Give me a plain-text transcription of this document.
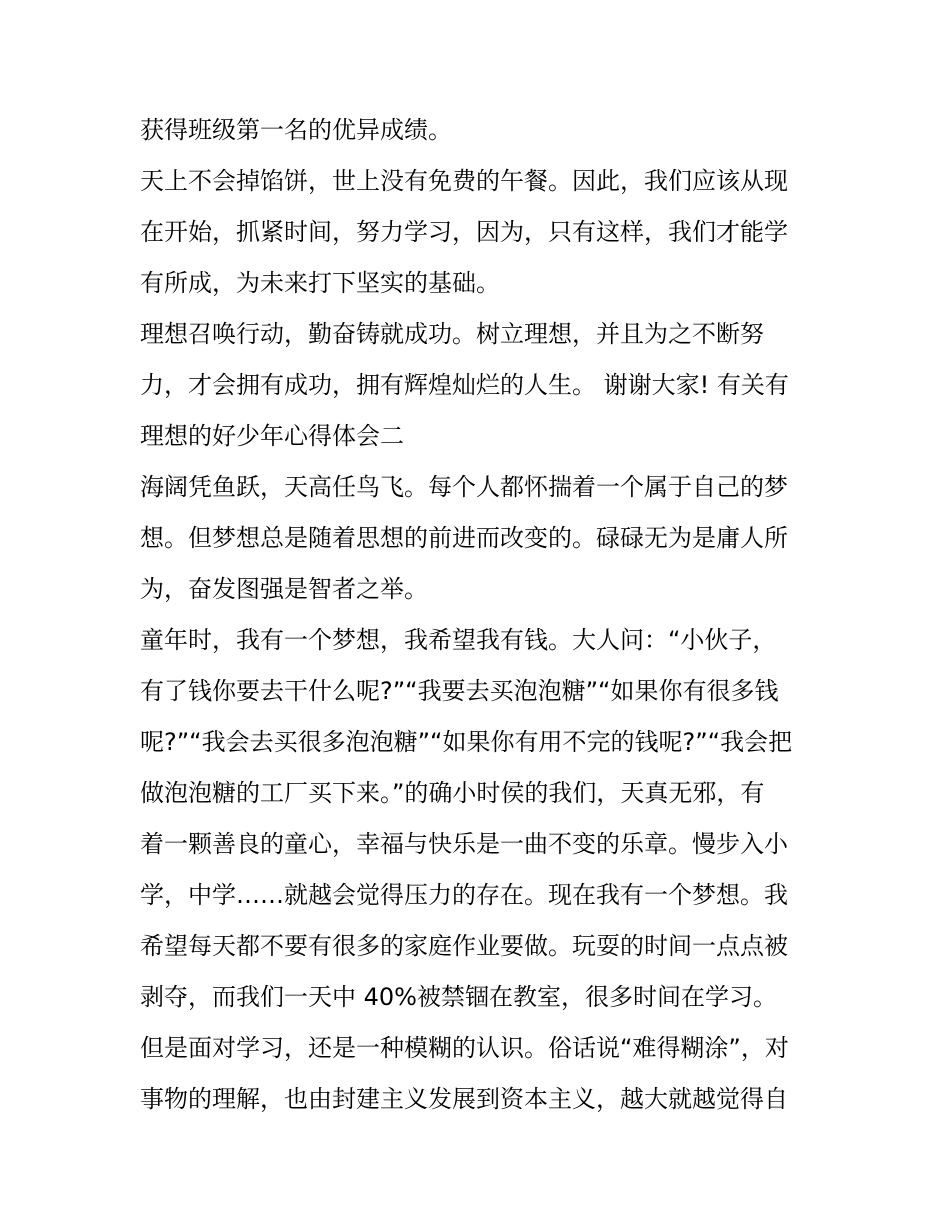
获得班级第一名的优异成绩。
天上不会掉馅饼，世上没有免费的午餐。因此，我们应该从现
在开始，抓紧时间，努力学习，因为，只有这样，我们才能学
有所成，为未来打下坚实的基础。
理想召唤行动，勤奋铸就成功。树立理想，并且为之不断努
力，才会拥有成功，拥有辉煌灿烂的人生。 谢谢大家! 有关有
理想的好少年心得体会二
海阔凭鱼跃，天高任鸟飞。每个人都怀揣着一个属于自己的梦
想。但梦想总是随着思想的前进而改变的。碌碌无为是庸人所
为，奋发图强是智者之举。
童年时，我有一个梦想，我希望我有钱。大人问：“小伙子，
有了钱你要去干什么呢?”“我要去买泡泡糖”“如果你有很多钱
呢?”“我会去买很多泡泡糖”“如果你有用不完的钱呢?”“我会把
做泡泡糖的工厂买下来。”的确小时侯的我们，天真无邪，有
着一颗善良的童心，幸福与快乐是一曲不变的乐章。慢步入小
学，中学……就越会觉得压力的存在。现在我有一个梦想。我
希望每天都不要有很多的家庭作业要做。玩耍的时间一点点被
剥夺，而我们一天中 40%被禁锢在教室，很多时间在学习。
但是面对学习，还是一种模糊的认识。俗话说“难得糊涂”，对
事物的理解，也由封建主义发展到资本主义，越大就越觉得自
